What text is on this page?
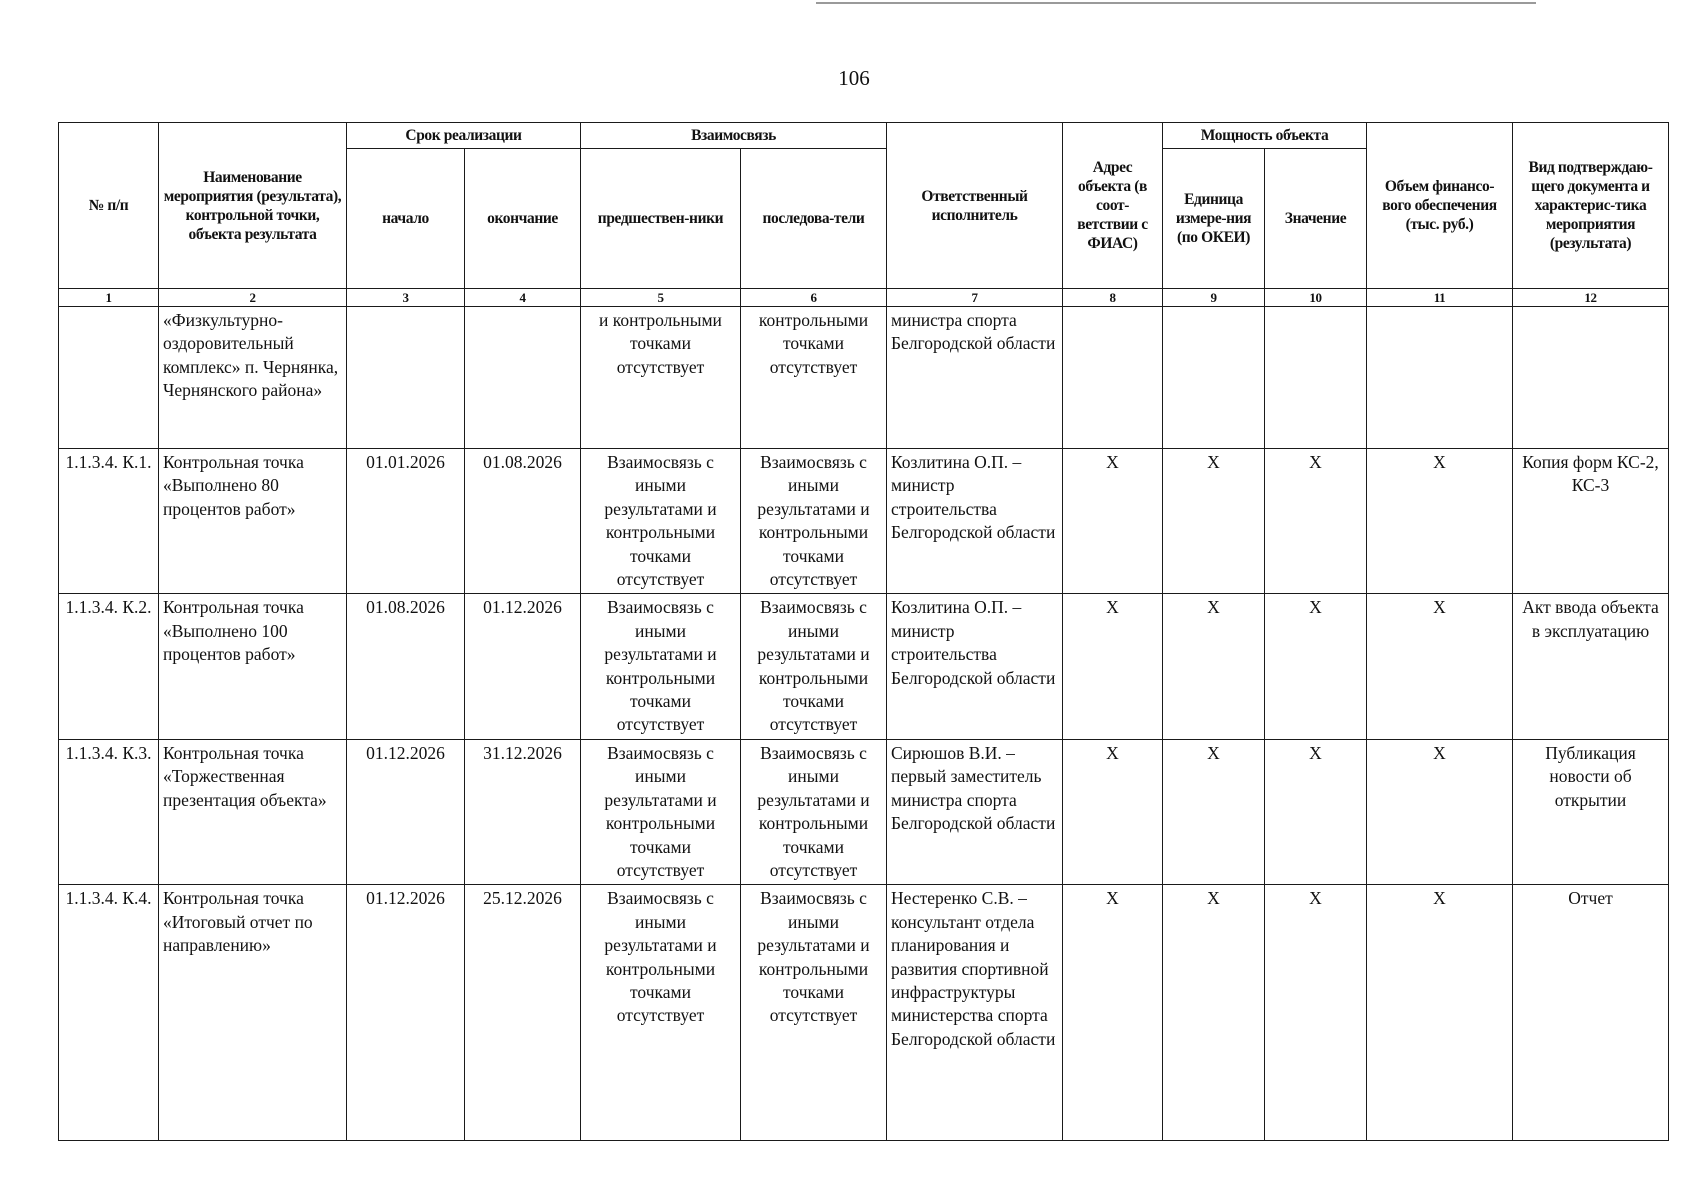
106
№ п/п	Наименование мероприятия (результата), контрольной точки, объекта результата	Срок реализации		Взаимосвязь		Ответственный исполнитель	Адрес объекта (в соот-ветствии с ФИАС)	Мощность объекта		Объем финансо-вого обеспечения (тыс. руб.)	Вид подтверждаю-щего документа и характерис-тика мероприятия (результата)
		начало	окончание	предшествен-ники	последова-тели			Единица измере-ния (по ОКЕИ)	Значение		
1	2	3	4	5	6	7	8	9	10	11	12
	«Физкультурно-оздоровительный комплекс» п. Чернянка, Чернянского района»			и контрольными точками отсутствует	контрольными точками отсутствует	министра спорта Белгородской области					
1.1.3.4. К.1.	Контрольная точка «Выполнено 80 процентов работ»	01.01.2026	01.08.2026	Взаимосвязь с иными результатами и контрольными точками отсутствует	Взаимосвязь с иными результатами и контрольными точками отсутствует	Козлитина О.П. – министр строительства Белгородской области	X	X	X	X	Копия форм КС-2, КС-3
1.1.3.4. К.2.	Контрольная точка «Выполнено 100 процентов работ»	01.08.2026	01.12.2026	Взаимосвязь с иными результатами и контрольными точками отсутствует	Взаимосвязь с иными результатами и контрольными точками отсутствует	Козлитина О.П. – министр строительства Белгородской области	X	X	X	X	Акт ввода объекта в эксплуатацию
1.1.3.4. К.3.	Контрольная точка «Торжественная презентация объекта»	01.12.2026	31.12.2026	Взаимосвязь с иными результатами и контрольными точками отсутствует	Взаимосвязь с иными результатами и контрольными точками отсутствует	Сирюшов В.И. – первый заместитель министра спорта Белгородской области	X	X	X	X	Публикация новости об открытии
1.1.3.4. К.4.	Контрольная точка «Итоговый отчет по направлению»	01.12.2026	25.12.2026	Взаимосвязь с иными результатами и контрольными точками отсутствует	Взаимосвязь с иными результатами и контрольными точками отсутствует	Нестеренко С.В. – консультант отдела планирования и развития спортивной инфраструктуры министерства спорта Белгородской области	X	X	X	X	Отчет
